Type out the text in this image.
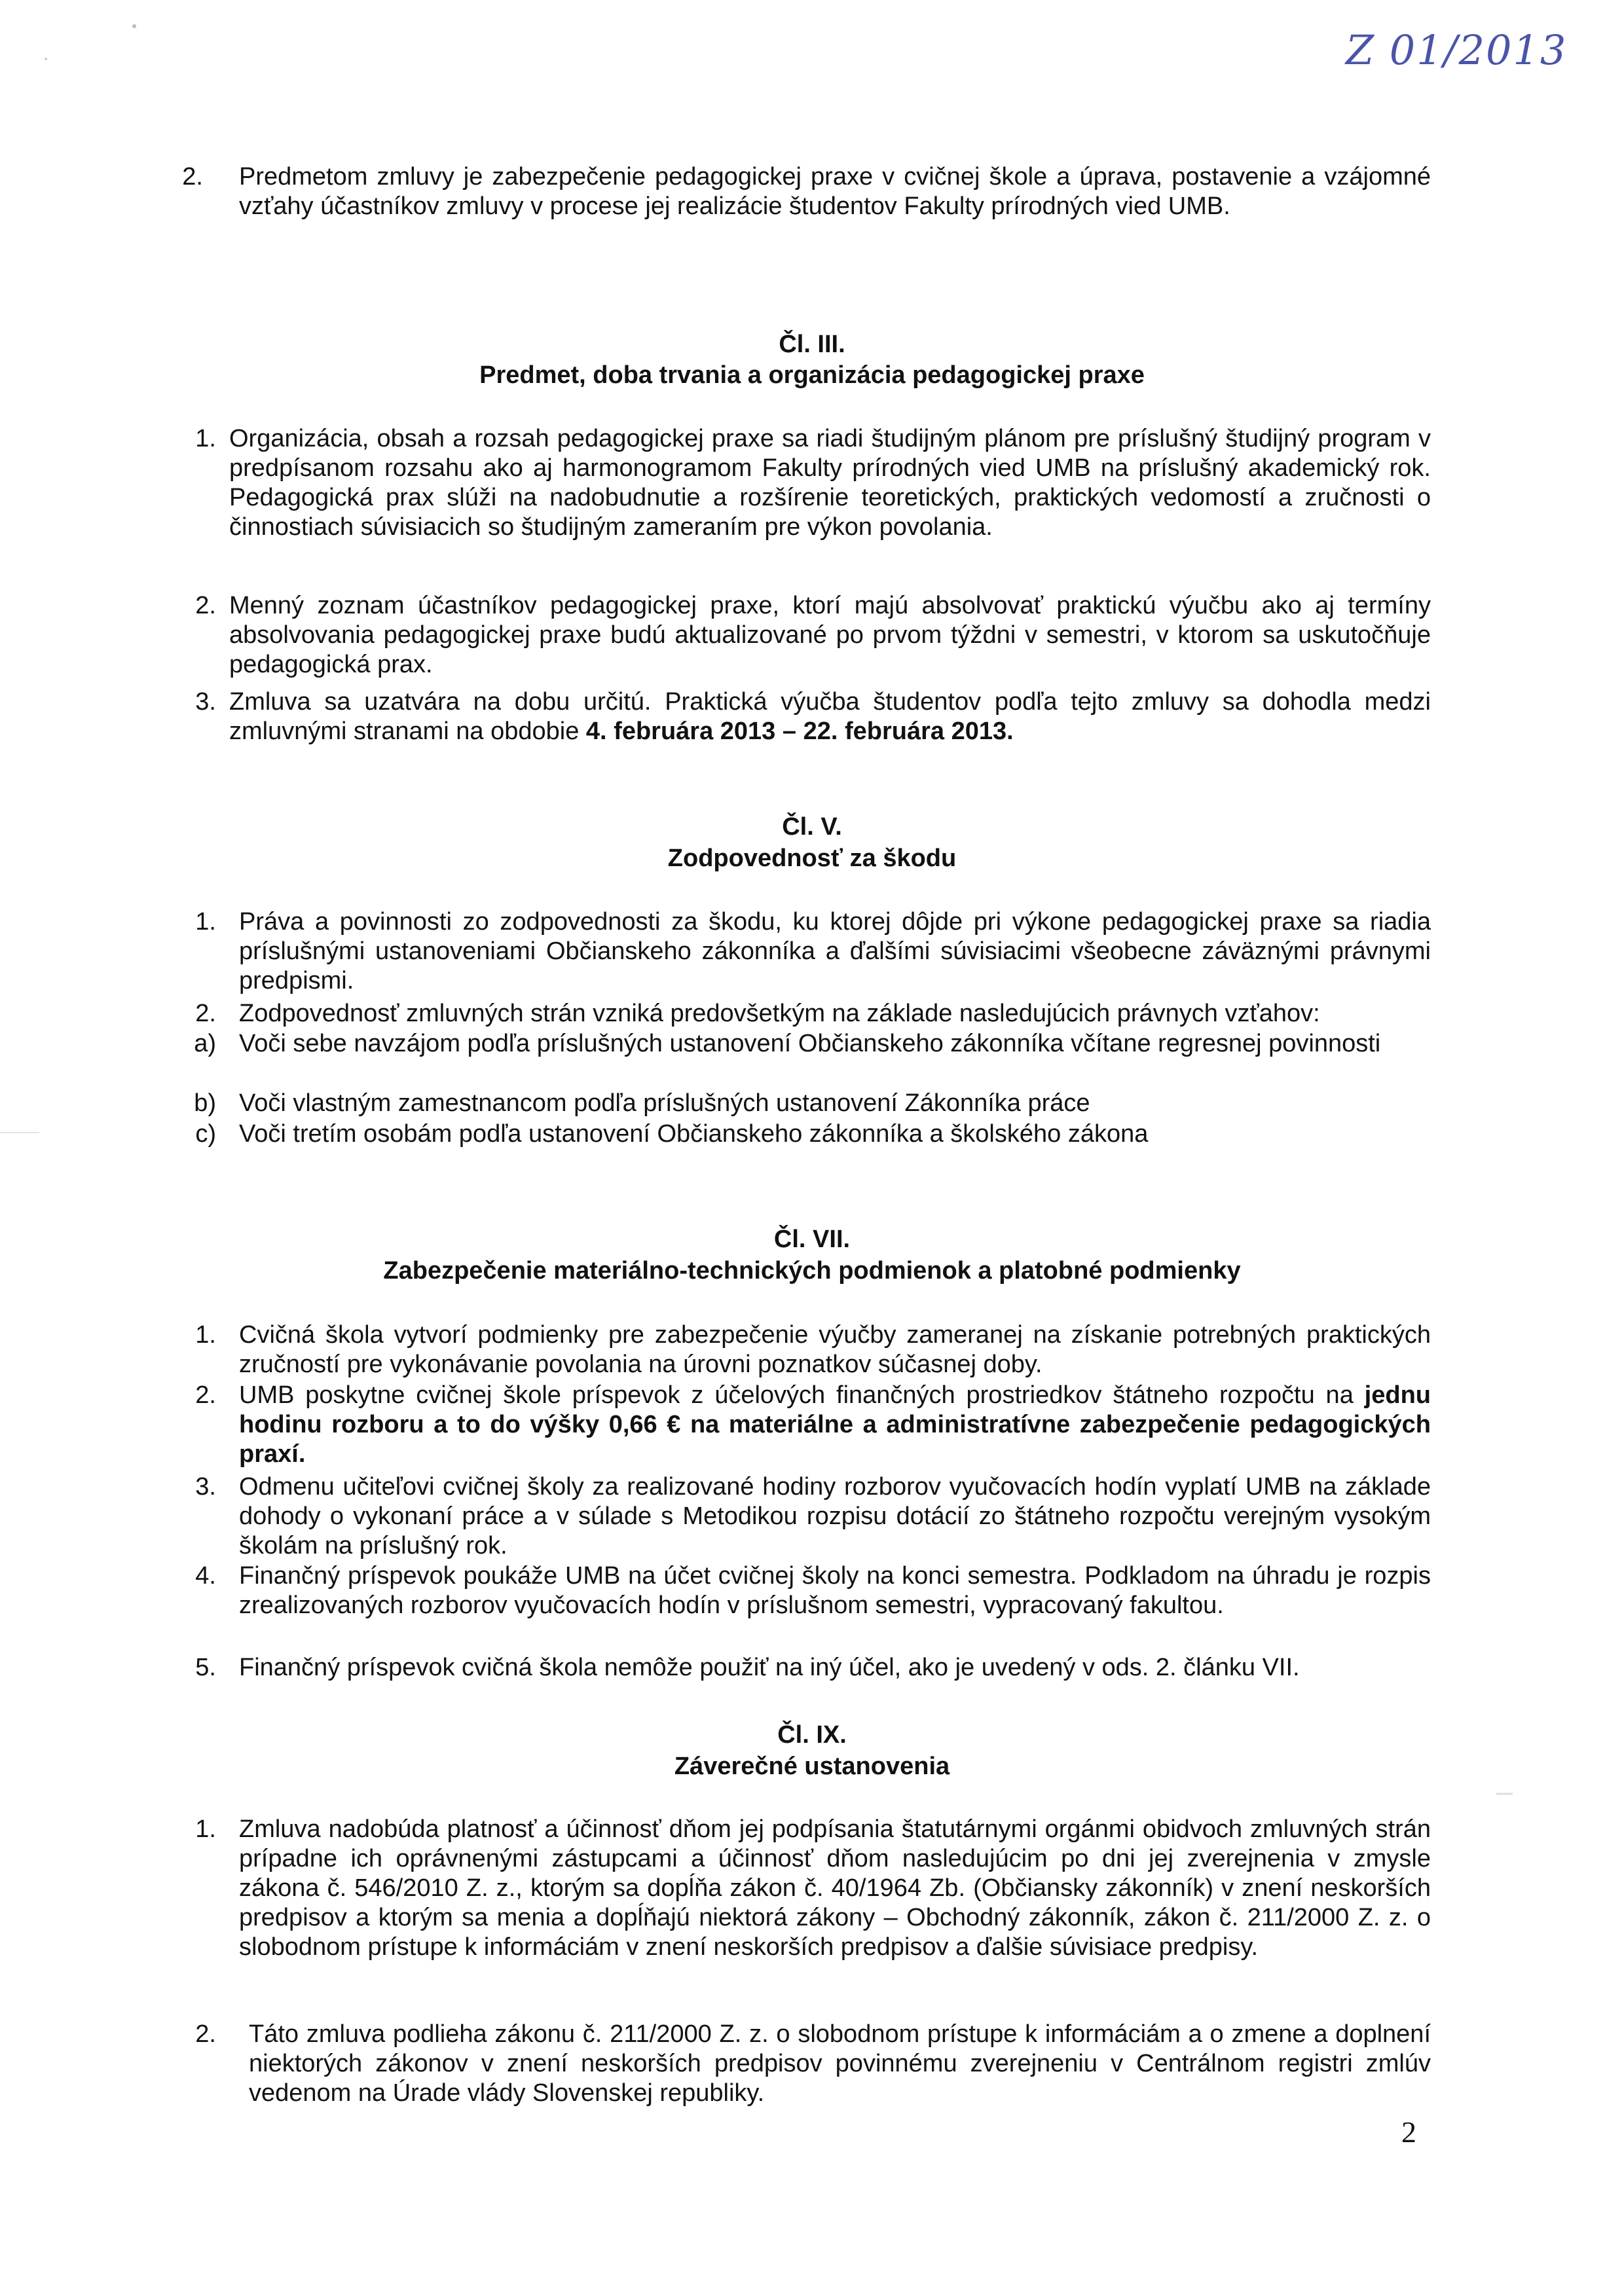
Z 01/2013
2. Predmetom zmluvy je zabezpečenie pedagogickej praxe v cvičnej škole a úprava, postavenie a vzájomné vzťahy účastníkov zmluvy v procese jej realizácie študentov Fakulty prírodných vied UMB.
Čl. III.
Predmet, doba trvania a organizácia pedagogickej praxe
1. Organizácia, obsah a rozsah pedagogickej praxe sa riadi študijným plánom pre príslušný študijný program v predpísanom rozsahu ako aj harmonogramom Fakulty prírodných vied UMB na príslušný akademický rok. Pedagogická prax slúži na nadobudnutie a rozšírenie teoretických, praktických vedomostí a zručnosti o činnostiach súvisiacich so študijným zameraním pre výkon povolania.
2. Menný zoznam účastníkov pedagogickej praxe, ktorí majú absolvovať praktickú výučbu ako aj termíny absolvovania pedagogickej praxe budú aktualizované po prvom týždni v semestri, v ktorom sa uskutočňuje pedagogická prax.
3. Zmluva sa uzatvára na dobu určitú. Praktická výučba študentov podľa tejto zmluvy sa dohodla medzi zmluvnými stranami na obdobie 4. februára 2013 – 22. februára 2013.
Čl. V.
Zodpovednosť za škodu
1. Práva a povinnosti zo zodpovednosti za škodu, ku ktorej dôjde pri výkone pedagogickej praxe sa riadia príslušnými ustanoveniami Občianskeho zákonníka a ďalšími súvisiacimi všeobecne záväznými právnymi predpismi.
2. Zodpovednosť zmluvných strán vzniká predovšetkým na základe nasledujúcich právnych vzťahov:
a) Voči sebe navzájom podľa príslušných ustanovení Občianskeho zákonníka včítane regresnej povinnosti
b) Voči vlastným zamestnancom podľa príslušných ustanovení Zákonníka práce
c) Voči tretím osobám podľa ustanovení Občianskeho zákonníka a školského zákona
Čl. VII.
Zabezpečenie materiálno-technických podmienok a platobné podmienky
1. Cvičná škola vytvorí podmienky pre zabezpečenie výučby zameranej na získanie potrebných praktických zručností pre vykonávanie povolania na úrovni poznatkov súčasnej doby.
2. UMB poskytne cvičnej škole príspevok z účelových finančných prostriedkov štátneho rozpočtu na jednu hodinu rozboru a to do výšky 0,66 € na materiálne a administratívne zabezpečenie pedagogických praxí.
3. Odmenu učiteľovi cvičnej školy za realizované hodiny rozborov vyučovacích hodín vyplatí UMB na základe dohody o vykonaní práce a v súlade s Metodikou rozpisu dotácií zo štátneho rozpočtu verejným vysokým školám na príslušný rok.
4. Finančný príspevok poukáže UMB na účet cvičnej školy na konci semestra. Podkladom na úhradu je rozpis zrealizovaných rozborov vyučovacích hodín v príslušnom semestri, vypracovaný fakultou.
5. Finančný príspevok cvičná škola nemôže použiť na iný účel, ako je uvedený v ods. 2. článku VII.
Čl. IX.
Záverečné ustanovenia
1. Zmluva nadobúda platnosť a účinnosť dňom jej podpísania štatutárnymi orgánmi obidvoch zmluvných strán prípadne ich oprávnenými zástupcami a účinnosť dňom nasledujúcim po dni jej zverejnenia v zmysle zákona č. 546/2010 Z. z., ktorým sa dopĺňa zákon č. 40/1964 Zb. (Občiansky zákonník) v znení neskorších predpisov a ktorým sa menia a dopĺňajú niektorá zákony – Obchodný zákonník, zákon č. 211/2000 Z. z. o slobodnom prístupe k informáciám v znení neskorších predpisov a ďalšie súvisiace predpisy.
2. Táto zmluva podlieha zákonu č. 211/2000 Z. z. o slobodnom prístupe k informáciám a o zmene a doplnení niektorých zákonov v znení neskorších predpisov povinnému zverejneniu v Centrálnom registri zmlúv vedenom na Úrade vlády Slovenskej republiky.
2
